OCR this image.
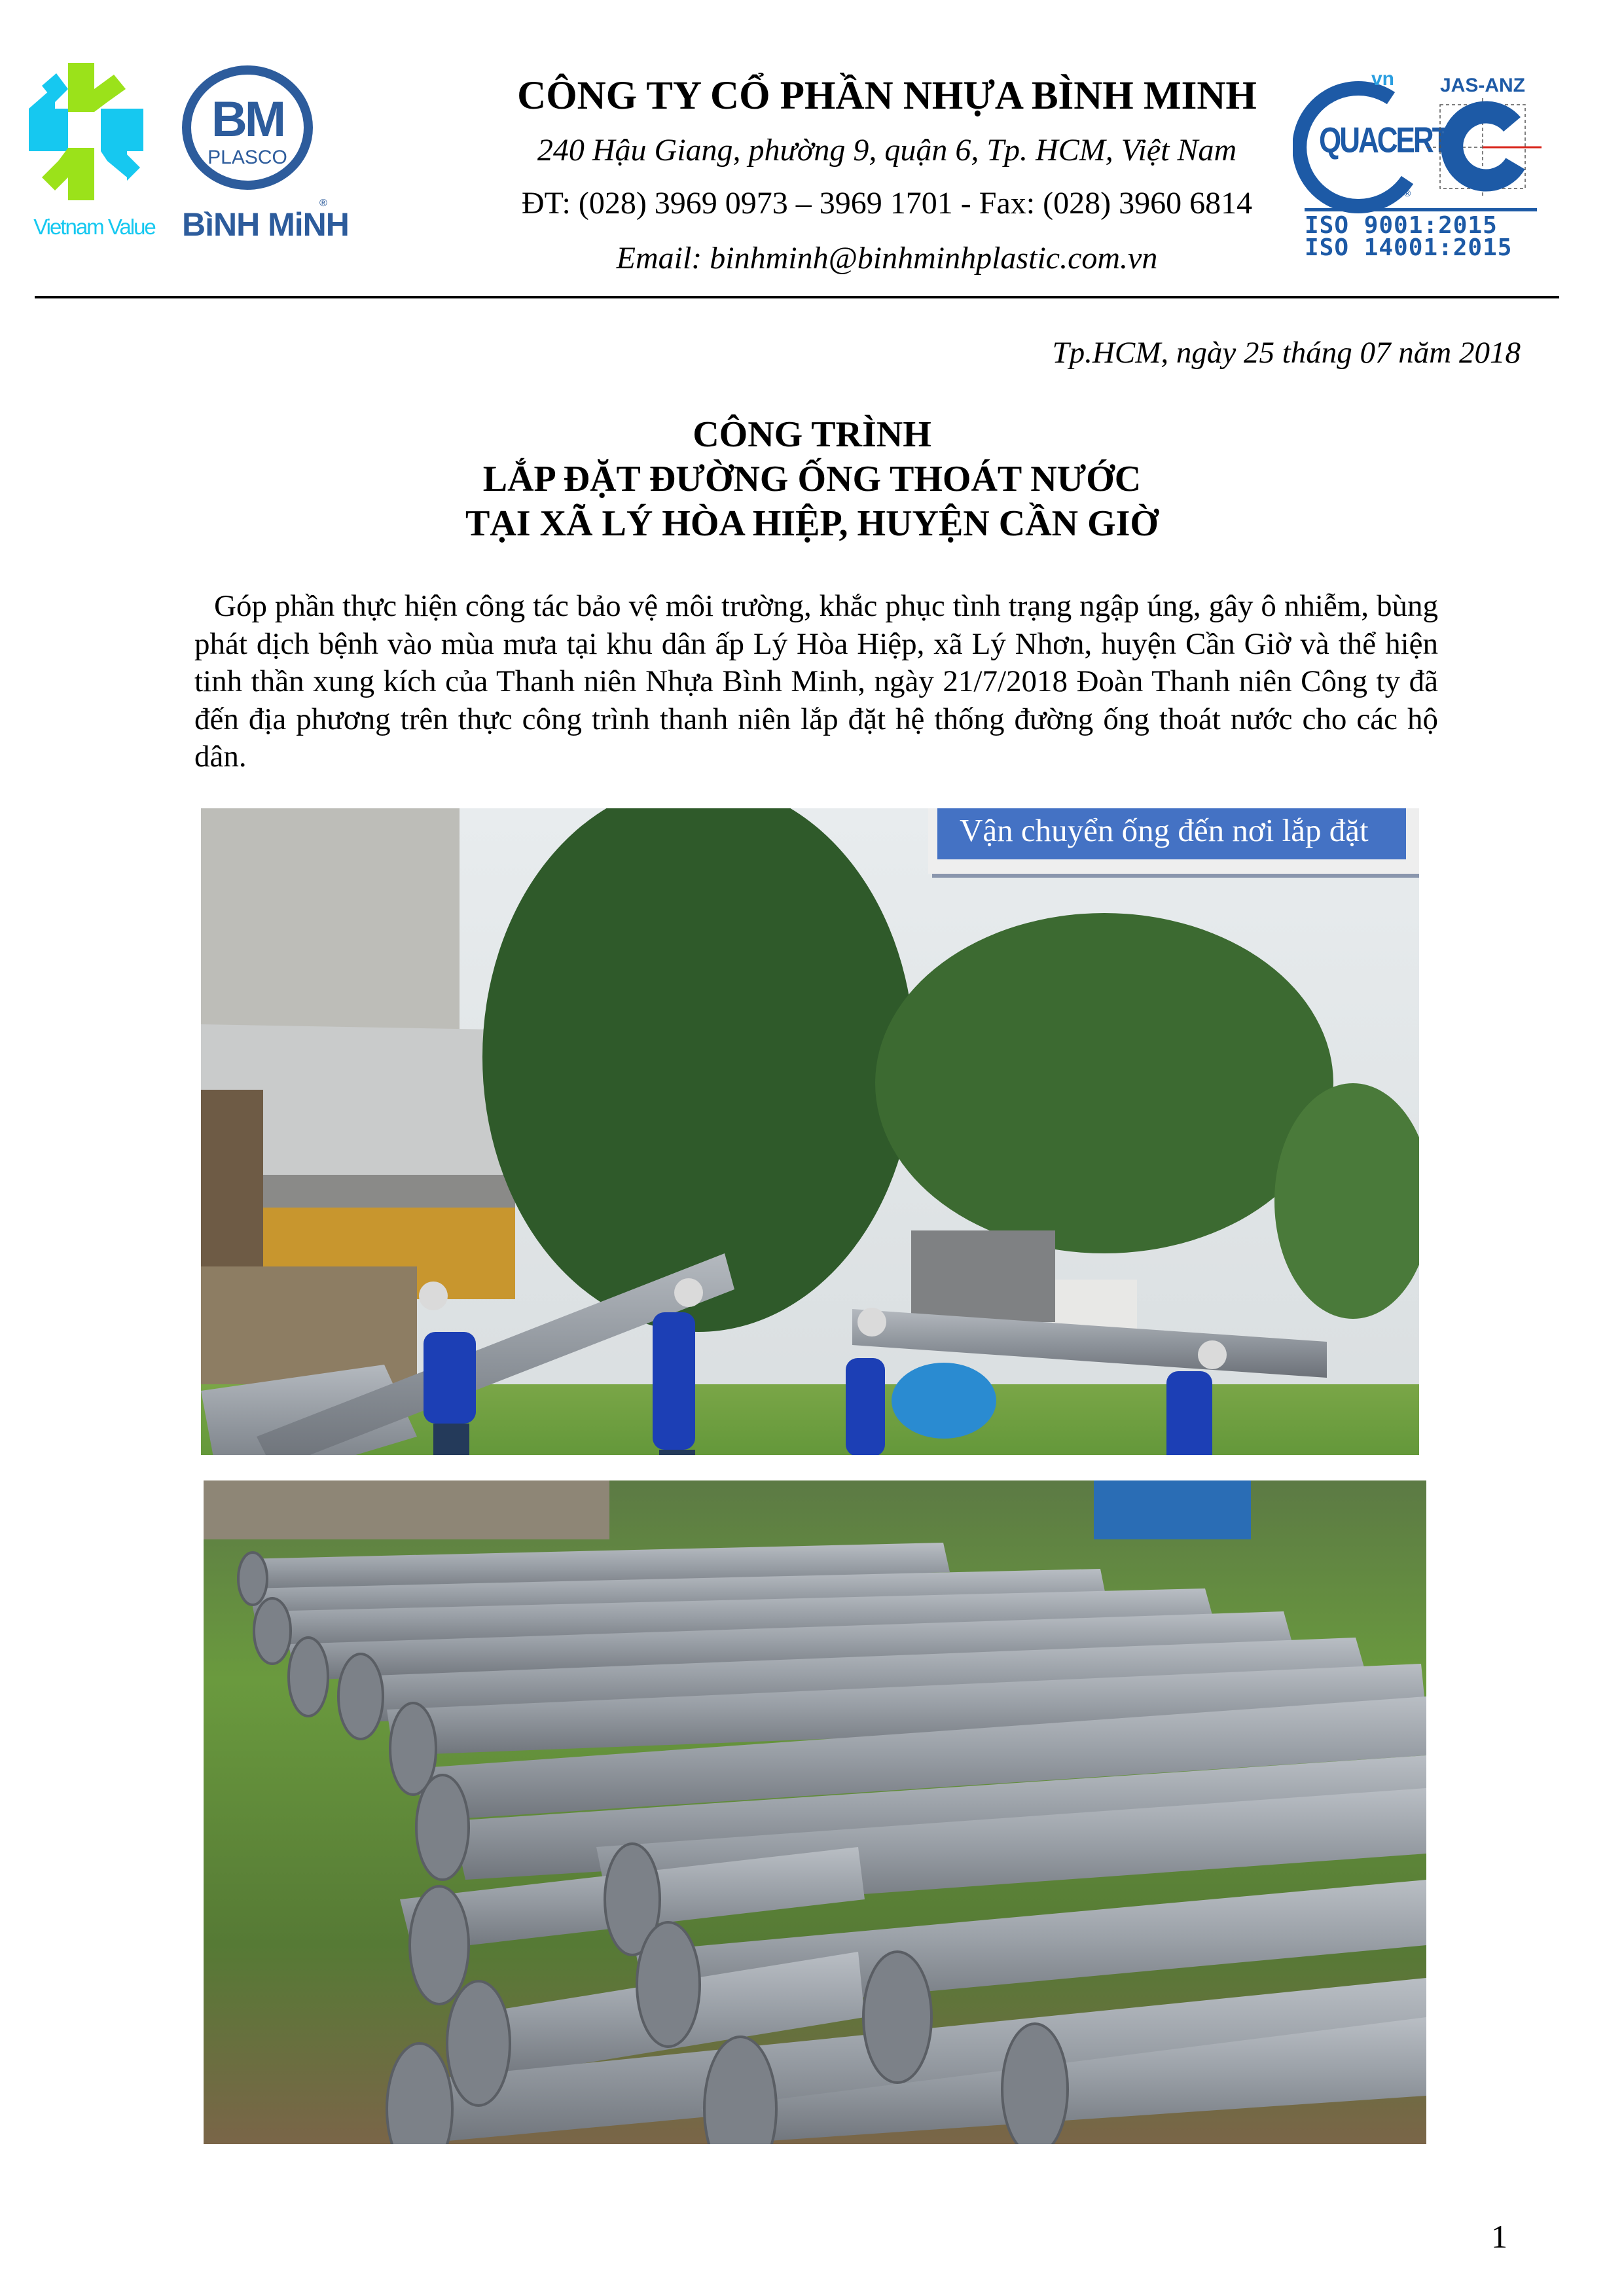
Vietnam Value
BM
PLASCO
BìNH MiNH
®
CÔNG TY CỔ PHẦN NHỰA BÌNH MINH
240 Hậu Giang, phường 9, quận 6, Tp. HCM, Việt Nam
ĐT: (028) 3969 0973 – 3969 1701 - Fax: (028) 3960 6814
Email: binhminh@binhminhplastic.com.vn
vn
QUACERT
®
JAS-ANZ
ISO 9001:2015
ISO 14001:2015
Tp.HCM, ngày 25 tháng 07 năm 2018
CÔNG TRÌNH
LẮP ĐẶT ĐƯỜNG ỐNG THOÁT NƯỚC
TẠI XÃ LÝ HÒA HIỆP, HUYỆN CẦN GIỜ
Góp phần thực hiện công tác bảo vệ môi trường, khắc phục tình trạng ngập úng, gây ô nhiễm, bùng phát dịch bệnh vào mùa mưa tại khu dân ấp Lý Hòa Hiệp, xã Lý Nhơn, huyện Cần Giờ và thể hiện tinh thần xung kích của Thanh niên Nhựa Bình Minh, ngày 21/7/2018 Đoàn Thanh niên Công ty đã đến địa phương trên thực công trình thanh niên lắp đặt hệ thống đường ống thoát nước cho các hộ dân.
Vận chuyển ống đến nơi lắp đặt
1
